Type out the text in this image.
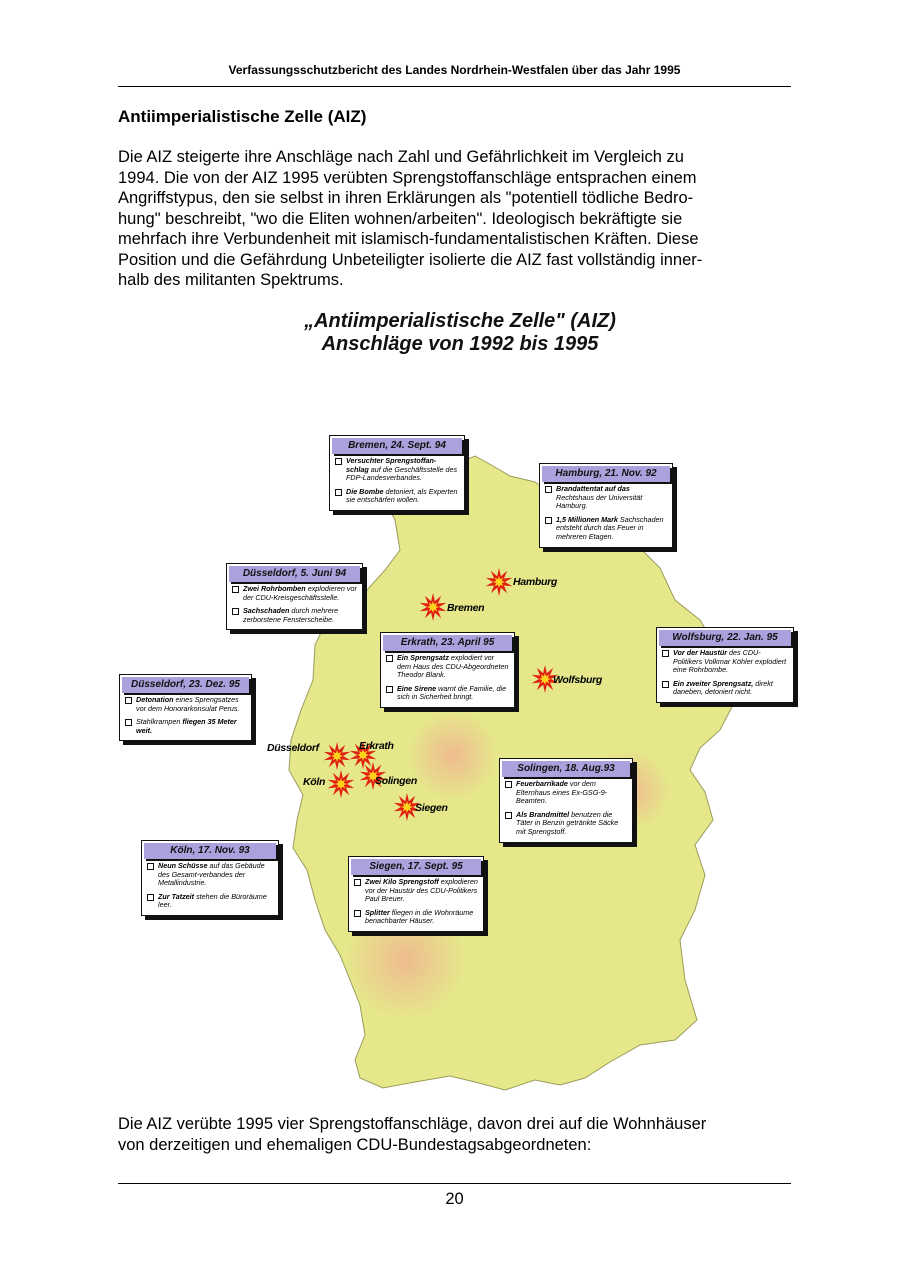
Verfassungsschutzbericht des Landes Nordrhein-Westfalen über das Jahr 1995
Antiimperialistische Zelle (AIZ)

Die AIZ steigerte ihre Anschläge nach Zahl und Gefährlichkeit im Vergleich zu
1994. Die von der AIZ 1995 verübten Sprengstoffanschläge entsprachen einem
Angriffstypus, den sie selbst in ihren Erklärungen als "potentiell tödliche Bedro-
hung" beschreibt, "wo die Eliten wohnen/arbeiten". Ideologisch bekräftigte sie
mehrfach ihre Verbundenheit mit islamisch-fundamentalistischen Kräften. Diese
Position und die Gefährdung Unbeteiligter isolierte die AIZ fast vollständig inner-
halb des militanten Spektrums.

„Antiimperialistische Zelle" (AIZ)
Anschläge von 1992 bis 1995
Hamburg
Bremen
Wolfsburg
Düsseldorf	Erkrath
Köln	Solingen
Siegen
Bremen, 24. Sept. 94
Versuchter Sprengstoffan- schlag auf die Geschäftsstelle des FDP-Landesverbandes.
Die Bombe detoniert, als Experten sie entschärfen wollen.
Hamburg, 21. Nov. 92
Brandattentat auf das Rechtshaus der Universität Hamburg.
1,5 Millionen Mark Sachschaden entsteht durch das Feuer in mehreren Etagen.
Düsseldorf, 5. Juni 94
Zwei Rohrbomben explodieren vor der CDU-Kreisgeschäftsstelle.
Sachschaden durch mehrere zerborstene Fensterscheibe.
Erkrath, 23. April 95
Ein Sprengsatz explodiert vor dem Haus des CDU-Abgeordneten Theodor Blank.
Eine Sirene warnt die Familie, die sich in Sicherheit bringt.
Wolfsburg, 22. Jan. 95
Vor der Haustür des CDU-Politikers Volkmar Köhler explodiert eine Rohrbombe.
Ein zweiter Sprengsatz, direkt daneben, detoniert nicht.
Düsseldorf, 23. Dez. 95
Detonation eines Sprengsatzes vor dem Honorarkonsulat Perus.
Stahlkrampen fliegen 35 Meter weit.
Solingen, 18. Aug.93
Feuerbarrikade vor dem Elternhaus eines Ex-GSG-9-Beamten.
Als Brandmittel benutzen die Täter in Benzin getränkte Säcke mit Sprengstoff.
Köln, 17. Nov. 93
Neun Schüsse auf das Gebäude des Gesamt-verbandes der Metallindustrie.
Zur Tatzeit stehen die Büroräume leer.
Siegen, 17. Sept. 95
Zwei Kilo Sprengstoff explodieren vor der Haustür des CDU-Politikers Paul Breuer.
Splitter fliegen in die Wohnräume benachbarter Häuser.

Die AIZ verübte 1995 vier Sprengstoffanschläge, davon drei auf die Wohnhäuser
von derzeitigen und ehemaligen CDU-Bundestagsabgeordneten:

20
